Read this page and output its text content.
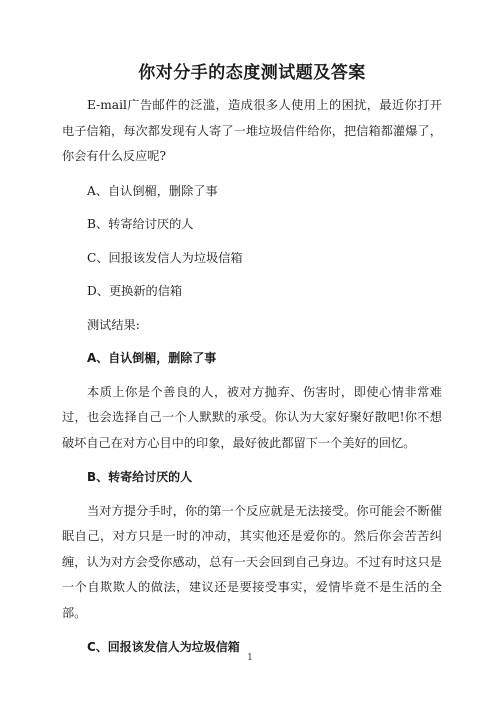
你对分手的态度测试题及答案

E-mail广告邮件的泛滥，造成很多人使用上的困扰，最近你打开电子信箱，每次都发现有人寄了一堆垃圾信件给你，把信箱都灌爆了，你会有什么反应呢?

A、自认倒楣，删除了事

B、转寄给讨厌的人

C、回报该发信人为垃圾信箱

D、更换新的信箱

测试结果:

A、自认倒楣，删除了事

本质上你是个善良的人，被对方抛弃、伤害时，即使心情非常难过，也会选择自己一个人默默的承受。你认为大家好聚好散吧!你不想破坏自己在对方心目中的印象，最好彼此都留下一个美好的回忆。

B、转寄给讨厌的人

当对方提分手时，你的第一个反应就是无法接受。你可能会不断催眠自己，对方只是一时的冲动，其实他还是爱你的。然后你会苦苦纠缠，认为对方会受你感动，总有一天会回到自己身边。不过有时这只是一个自欺欺人的做法，建议还是要接受事实，爱情毕竟不是生活的全部。

C、回报该发信人为垃圾信箱

1
